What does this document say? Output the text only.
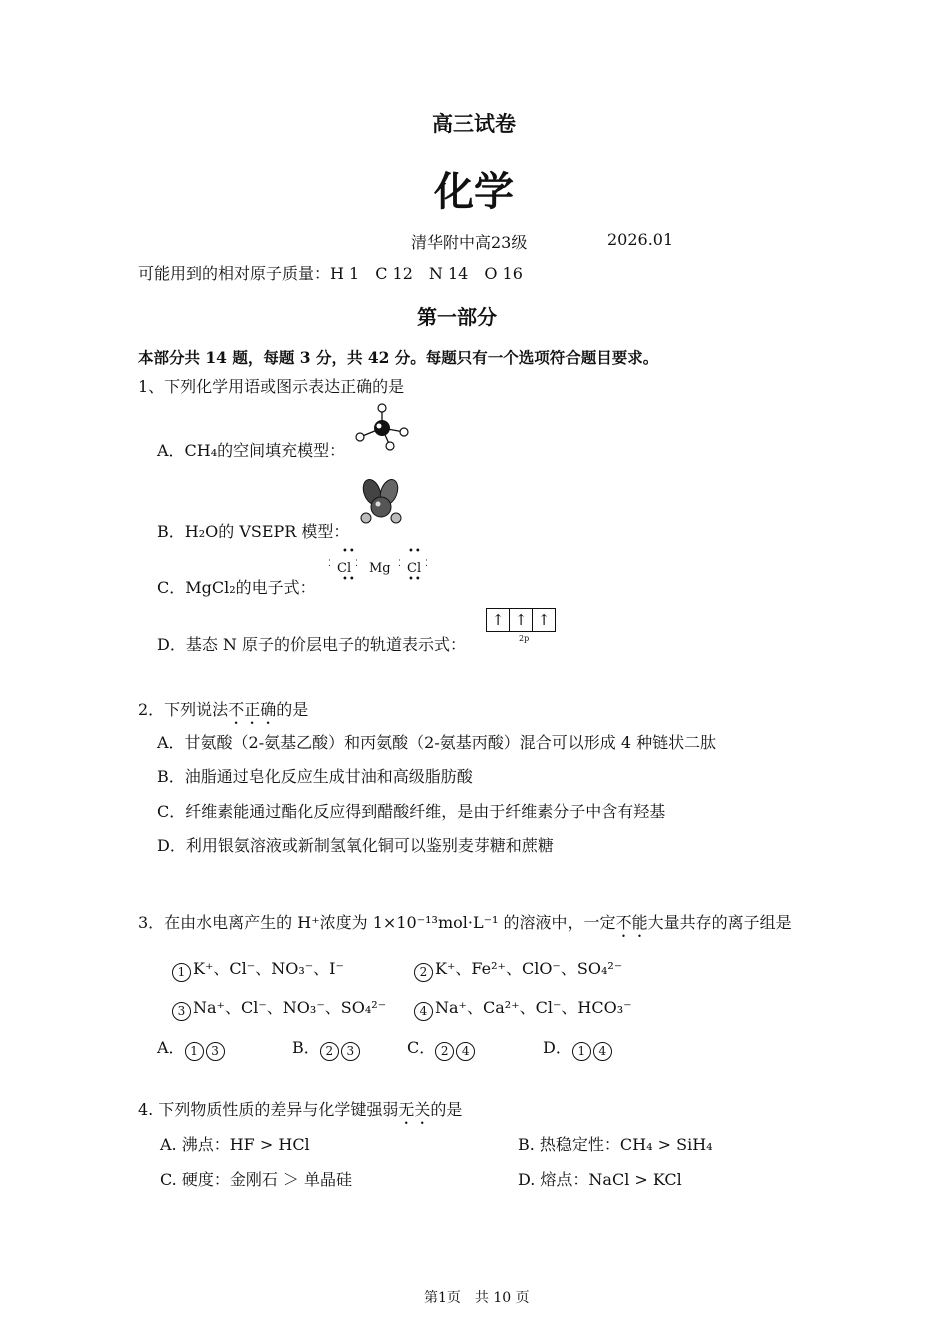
高三试卷
化学
清华附中高23级	2026.01
可能用到的相对原子质量：H 1　C 12　N 14　O 16
第一部分
本部分共 14 题，每题 3 分，共 42 分。每题只有一个选项符合题目要求。
1、下列化学用语或图示表达正确的是
A．CH₄的空间填充模型：
B．H₂O的 VSEPR 模型：
C．MgCl₂的电子式：
••
⁚ Cl ⁚
••
Mg
••
⁚ Cl ⁚
••
D．基态 N 原子的价层电子的轨道表示式：
↑ ↑ ↑
2p
2．下列说法不正确的是
A．甘氨酸（2-氨基乙酸）和丙氨酸（2-氨基丙酸）混合可以形成 4 种链状二肽
B．油脂通过皂化反应生成甘油和高级脂肪酸
C．纤维素能通过酯化反应得到醋酸纤维，是由于纤维素分子中含有羟基
D．利用银氨溶液或新制氢氧化铜可以鉴别麦芽糖和蔗糖
3．在由水电离产生的 H⁺浓度为 1×10⁻¹³mol·L⁻¹ 的溶液中，一定不能大量共存的离子组是
1 K⁺、Cl⁻、NO₃⁻、I⁻	2 K⁺、Fe²⁺、ClO⁻、SO₄²⁻
3 Na⁺、Cl⁻、NO₃⁻、SO₄²⁻	4 Na⁺、Ca²⁺、Cl⁻、HCO₃⁻
A． 1 3	B． 2 3	C． 2 4	D． 1 4
4. 下列物质性质的差异与化学键强弱无关的是
A. 沸点：HF > HCl	B. 热稳定性：CH₄ > SiH₄
C. 硬度：金刚石 ＞ 单晶硅	D. 熔点：NaCl > KCl
第1页　共 10 页
